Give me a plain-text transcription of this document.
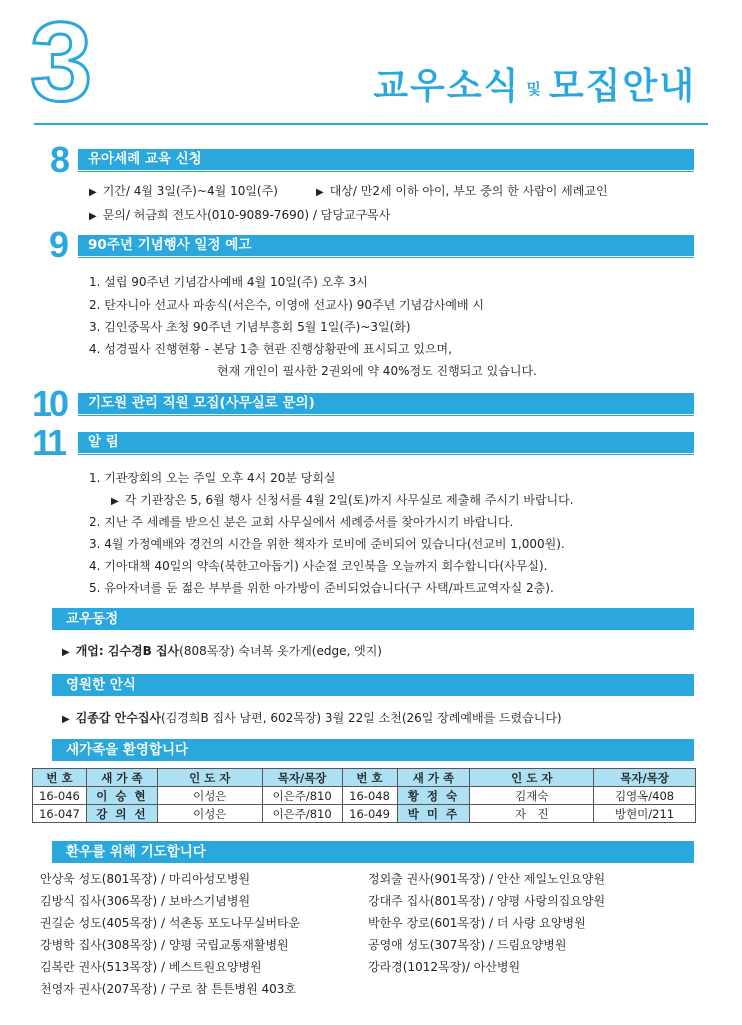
3	교우소식 및 모집안내
8	유아세례 교육 신청
▶ 기간/ 4월 3일(주)~4월 10일(주)	▶ 대상/ 만2세 이하 아이, 부모 중의 한 사람이 세례교인
▶ 문의/ 허금희 전도사(010-9089-7690) / 담당교구목사
9	90주년 기념행사 일정 예고
1. 설립 90주년 기념감사예배 4월 10일(주) 오후 3시
2. 탄자니아 선교사 파송식(서은수, 이영애 선교사) 90주년 기념감사예배 시
3. 김인중목사 초청 90주년 기념부흥회 5월 1일(주)~3일(화)
4. 성경필사 진행현황 - 본당 1층 현관 진행상황판에 표시되고 있으며,
현재 개인이 필사한 2권외에 약 40%정도 진행되고 있습니다.
10	기도원 관리 직원 모집(사무실로 문의)
11	알 림
1. 기관장회의 오는 주일 오후 4시 20분 당회실
▶ 각 기관장은 5, 6월 행사 신청서를 4월 2일(토)까지 사무실로 제출해 주시기 바랍니다.
2. 지난 주 세례를 받으신 분은 교회 사무실에서 세례증서를 찾아가시기 바랍니다.
3. 4월 가정예배와 경건의 시간을 위한 책자가 로비에 준비되어 있습니다(선교비 1,000원).
4. 기아대책 40일의 약속(북한고아돕기) 사순절 코인북을 오늘까지 회수합니다(사무실).
5. 유아자녀를 둔 젊은 부부를 위한 아가방이 준비되었습니다(구 사택/파트교역자실 2층).
교우동정
▶ 개업: 김수경B 집사(808목장) 숙녀복 옷가게(edge, 엣지)
영원한 안식
▶ 김종갑 안수집사(김경희B 집사 남편, 602목장) 3월 22일 소천(26일 장례예배를 드렸습니다)
새가족을 환영합니다
번 호	새 가 족	인 도 자	목자/목장	번 호	새 가 족	인 도 자	목자/목장
16-046	이 승 현	이성은	이은주/810	16-048	황 정 숙	김재숙	김영옥/408
16-047	강 의 선	이성은	이은주/810	16-049	박 미 주	자　진	방현미/211
환우를 위해 기도합니다
안상욱 성도(801목장) / 마리아성모병원
김방식 집사(306목장) / 보바스기념병원
권길순 성도(405목장) / 석촌동 포도나무실버타운
강병학 집사(308목장) / 양평 국립교통재활병원
김복란 권사(513목장) / 베스트원요양병원
천영자 권사(207목장) / 구로 참 튼튼병원 403호
정외출 권사(901목장) / 안산 제일노인요양원
강대주 집사(801목장) / 양평 사랑의집요양원
박한우 장로(601목장) / 더 사랑 요양병원
공영애 성도(307목장) / 드림요양병원
강라경(1012목장)/ 아산병원
